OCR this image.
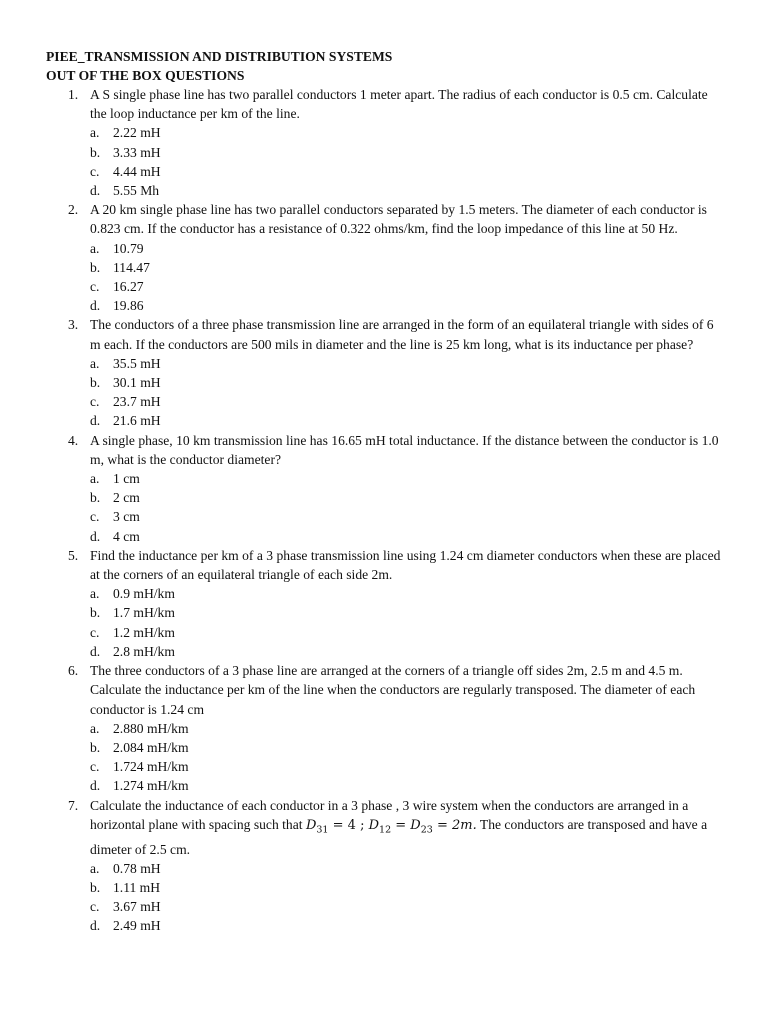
PIEE_TRANSMISSION AND DISTRIBUTION SYSTEMS
OUT OF THE BOX QUESTIONS
1. A S single phase line has two parallel conductors 1 meter apart. The radius of each conductor is 0.5 cm. Calculate the loop inductance per km of the line.
a. 2.22 mH
b. 3.33 mH
c. 4.44 mH
d. 5.55 Mh
2. A 20 km single phase line has two parallel conductors separated by 1.5 meters. The diameter of each conductor is 0.823 cm. If the conductor has a resistance of 0.322 ohms/km, find the loop impedance of this line at 50 Hz.
a. 10.79
b. 114.47
c. 16.27
d. 19.86
3. The conductors of a three phase transmission line are arranged in the form of an equilateral triangle with sides of 6 m each. If the conductors are 500 mils in diameter and the line is 25 km long, what is its inductance per phase?
a. 35.5 mH
b. 30.1 mH
c. 23.7 mH
d. 21.6 mH
4. A single phase, 10 km transmission line has 16.65 mH total inductance. If the distance between the conductor is 1.0 m, what is the conductor diameter?
a. 1 cm
b. 2 cm
c. 3 cm
d. 4 cm
5. Find the inductance per km of a 3 phase transmission line using 1.24 cm diameter conductors when these are placed at the corners of an equilateral triangle of each side 2m.
a. 0.9 mH/km
b. 1.7 mH/km
c. 1.2 mH/km
d. 2.8 mH/km
6. The three conductors of a 3 phase line are arranged at the corners of a triangle off sides 2m, 2.5 m and 4.5 m. Calculate the inductance per km of the line when the conductors are regularly transposed. The diameter of each conductor is 1.24 cm
a. 2.880 mH/km
b. 2.084 mH/km
c. 1.724 mH/km
d. 1.274 mH/km
7. Calculate the inductance of each conductor in a 3 phase , 3 wire system when the conductors are arranged in a horizontal plane with spacing such that $D_{31} = 4$ ; $D_{12} = D_{23} = 2m$. The conductors are transposed and have a dimeter of 2.5 cm.
a. 0.78 mH
b. 1.11 mH
c. 3.67 mH
d. 2.49 mH
